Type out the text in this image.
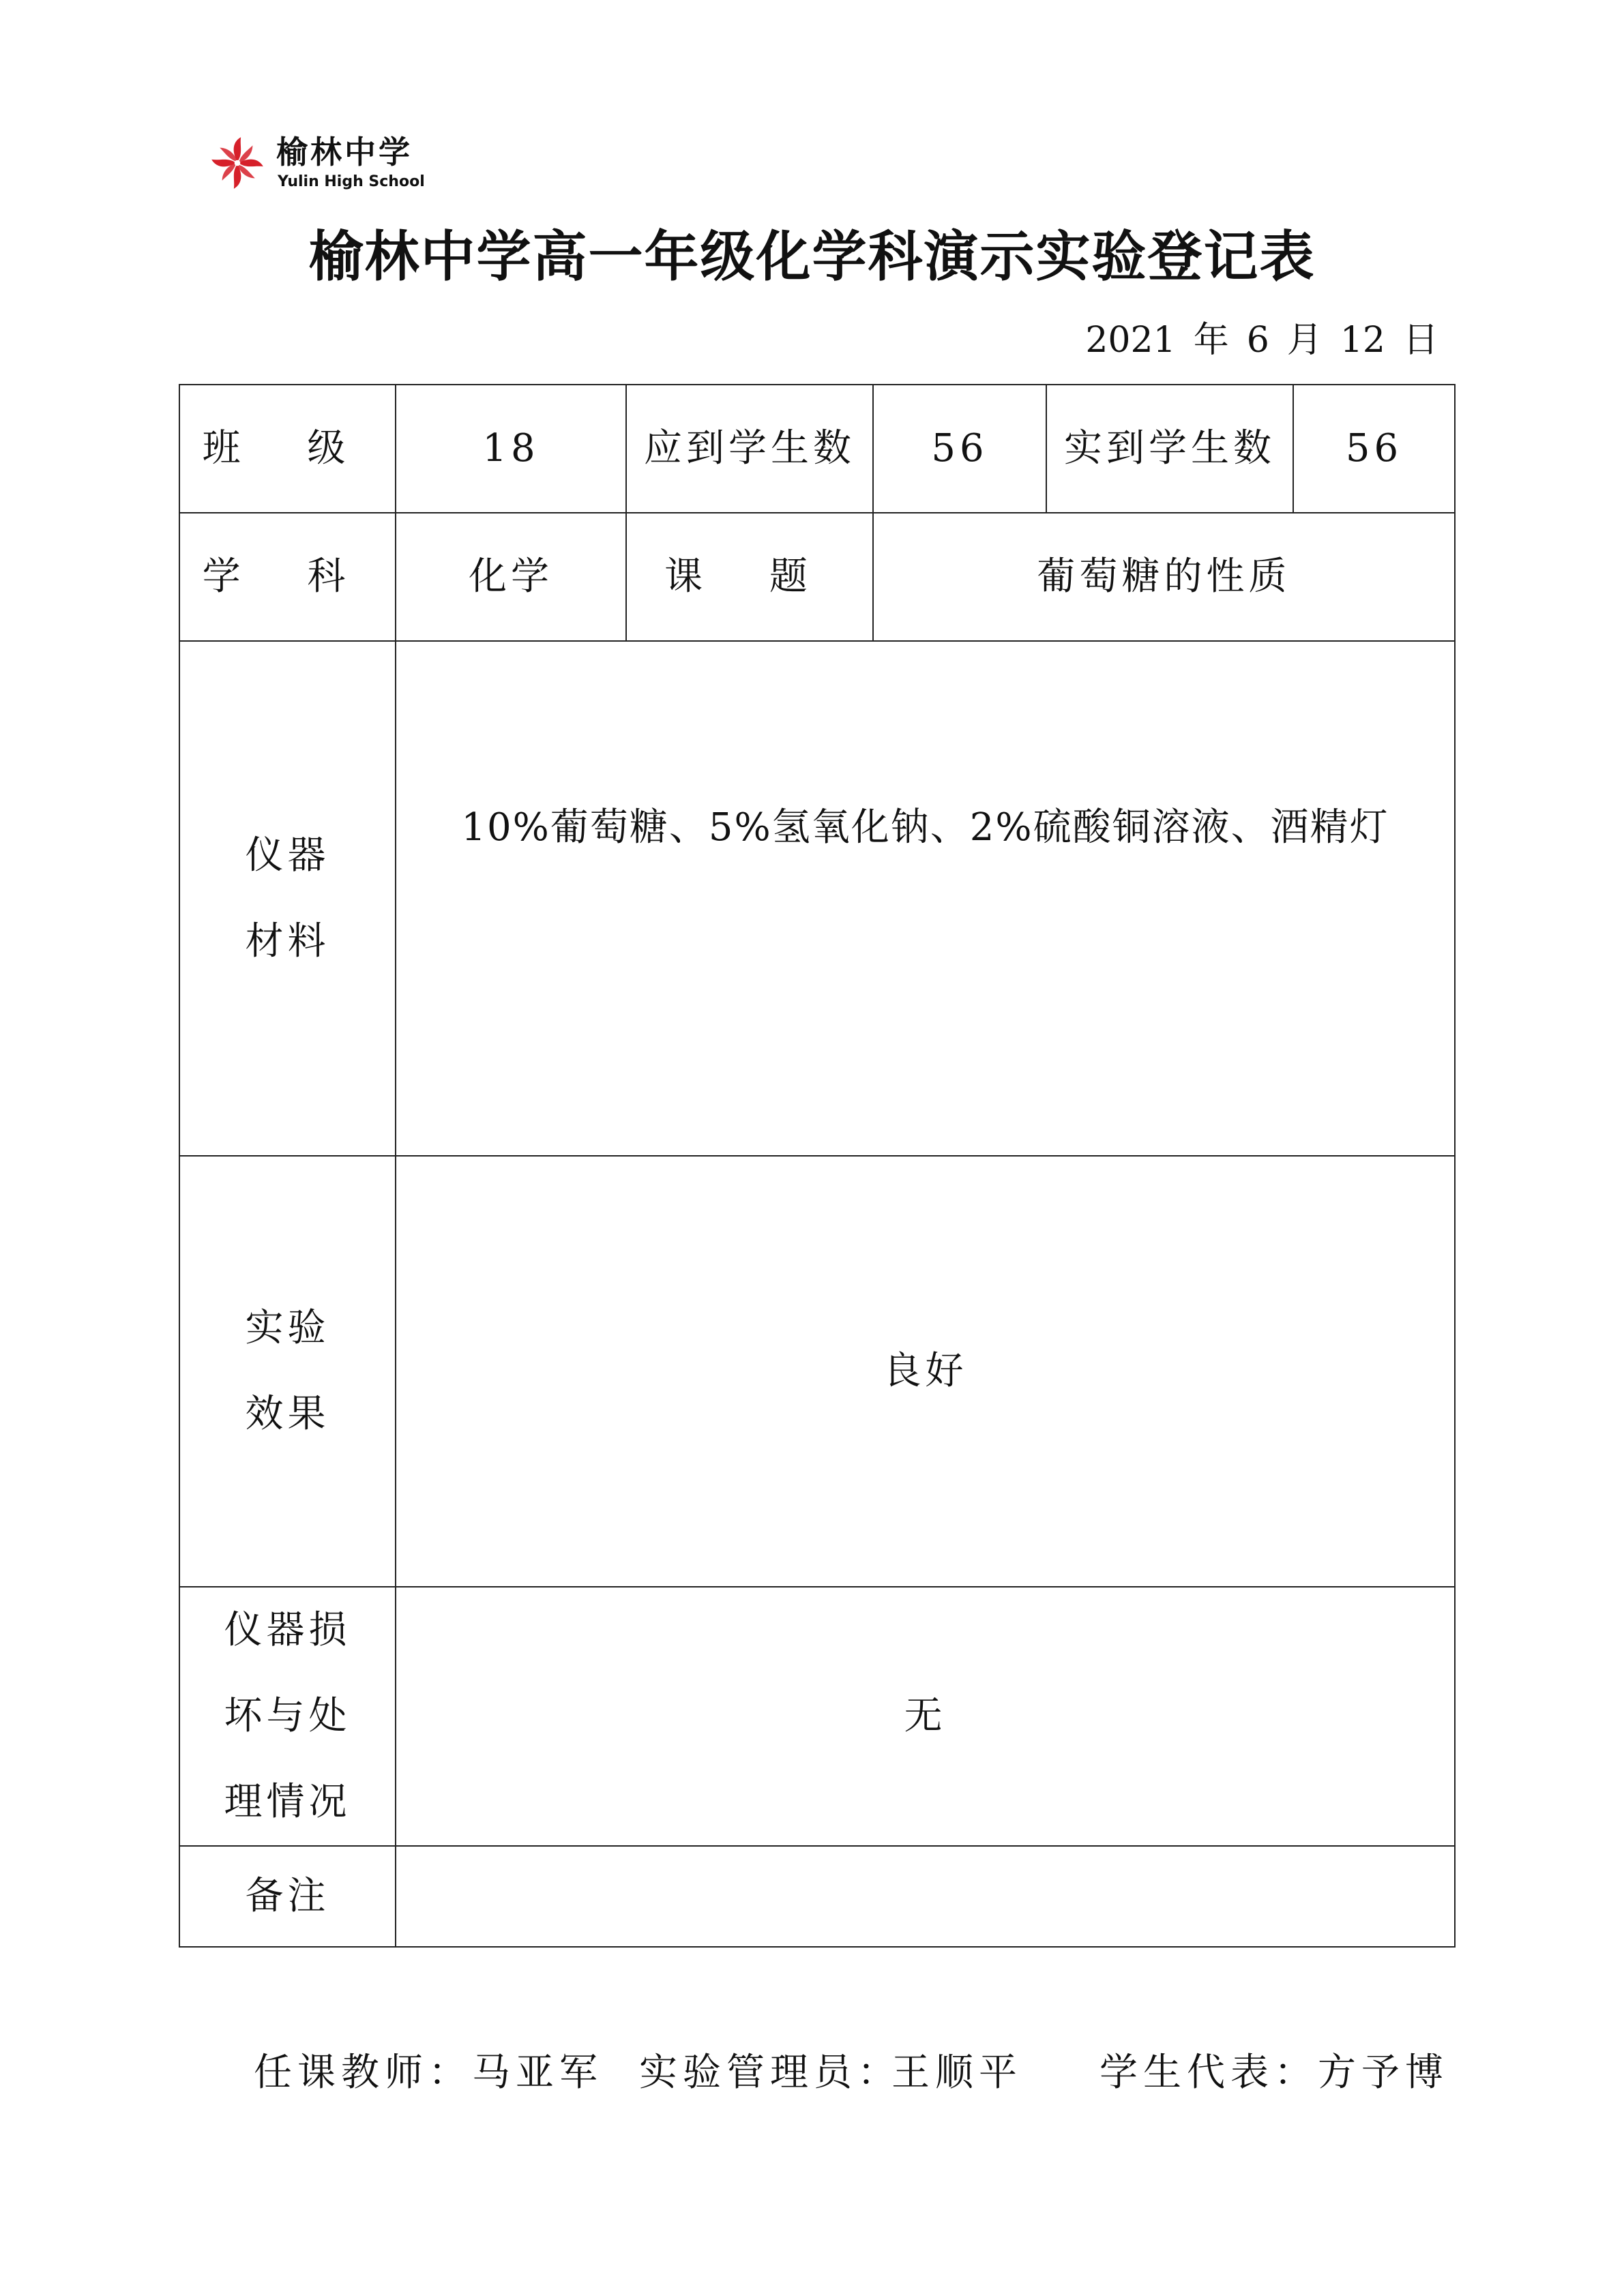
榆林中学
Yulin High School
榆林中学高一年级化学科演示实验登记表
2021 年 6 月 12 日
班 级	18	应到学生数	56	实到学生数	56
学 科	化学	课 题	葡萄糖的性质		

仪器
材料	10%葡萄糖、5%氢氧化钠、2%硫酸铜溶液、酒精灯				

实验
效果	良好				

仪器损
坏与处
理情况	无				
备注					
任课教师：马亚军 实验管理员：
王顺平 学生代表：方予博
